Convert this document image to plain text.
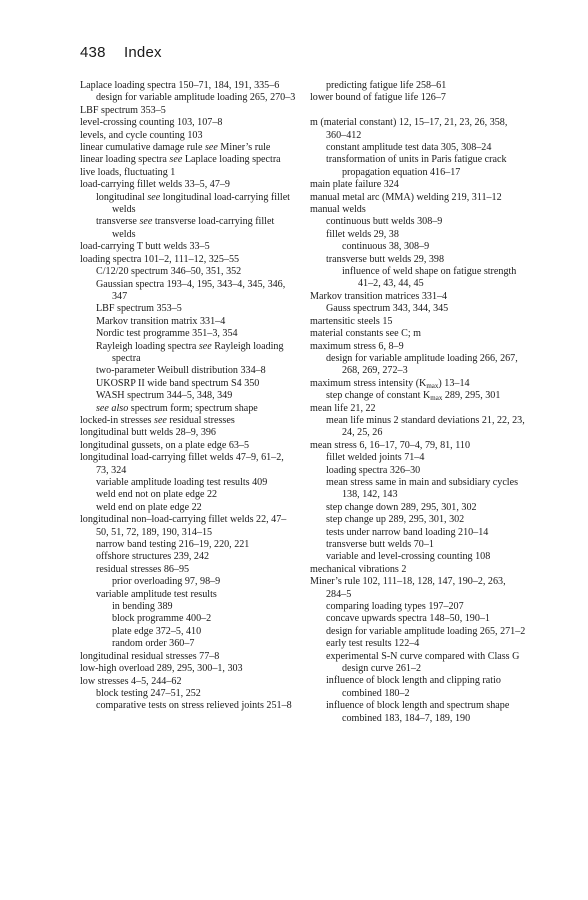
438 Index

Laplace loading spectra 150–71, 184, 191, 335–6

design for variable amplitude loading 265, 270–3

LBF spectrum 353–5

level-crossing counting 103, 107–8

levels, and cycle counting 103

linear cumulative damage rule see Miner’s rule

linear loading spectra see Laplace loading spectra

live loads, fluctuating 1

load-carrying fillet welds 33–5, 47–9

longitudinal see longitudinal load-carrying fillet welds

transverse see transverse load-carrying fillet welds

load-carrying T butt welds 33–5

loading spectra 101–2, 111–12, 325–55

C/12/20 spectrum 346–50, 351, 352

Gaussian spectra 193–4, 195, 343–4, 345, 346, 347

LBF spectrum 353–5

Markov transition matrix 331–4

Nordic test programme 351–3, 354

Rayleigh loading spectra see Rayleigh loading spectra

two-parameter Weibull distribution 334–8

UKOSRP II wide band spectrum S4 350

WASH spectrum 344–5, 348, 349

see also spectrum form; spectrum shape

locked-in stresses see residual stresses

longitudinal butt welds 28–9, 396

longitudinal gussets, on a plate edge 63–5

longitudinal load-carrying fillet welds 47–9, 61–2, 73, 324

variable amplitude loading test results 409

weld end not on plate edge 22

weld end on plate edge 22

longitudinal non–load-carrying fillet welds 22, 47–50, 51, 72, 189, 190, 314–15

narrow band testing 216–19, 220, 221

offshore structures 239, 242

residual stresses 86–95

prior overloading 97, 98–9

variable amplitude test results

in bending 389

block programme 400–2

plate edge 372–5, 410

random order 360–7

longitudinal residual stresses 77–8

low-high overload 289, 295, 300–1, 303

low stresses 4–5, 244–62

block testing 247–51, 252

comparative tests on stress relieved joints 251–8

predicting fatigue life 258–61

lower bound of fatigue life 126–7

m (material constant) 12, 15–17, 21, 23, 26, 358, 360–412

constant amplitude test data 305, 308–24

transformation of units in Paris fatigue crack propagation equation 416–17

main plate failure 324

manual metal arc (MMA) welding 219, 311–12

manual welds

continuous butt welds 308–9

fillet welds 29, 38

continuous 38, 308–9

transverse butt welds 29, 398

influence of weld shape on fatigue strength 41–2, 43, 44, 45

Markov transition matrices 331–4

Gauss spectrum 343, 344, 345

martensitic steels 15

material constants see C; m

maximum stress 6, 8–9

design for variable amplitude loading 266, 267, 268, 269, 272–3

maximum stress intensity $(K_{max})$ 13–14

step change of constant $K_{max}$ 289, 295, 301

mean life 21, 22

mean life minus 2 standard deviations 21, 22, 23, 24, 25, 26

mean stress 6, 16–17, 70–4, 79, 81, 110

fillet welded joints 71–4

loading spectra 326–30

mean stress same in main and subsidiary cycles 138, 142, 143

step change down 289, 295, 301, 302

step change up 289, 295, 301, 302

tests under narrow band loading 210–14

transverse butt welds 70–1

variable and level-crossing counting 108

mechanical vibrations 2

Miner’s rule 102, 111–18, 128, 147, 190–2, 263, 284–5

comparing loading types 197–207

concave upwards spectra 148–50, 190–1

design for variable amplitude loading 265, 271–2

early test results 122–4

experimental S-N curve compared with Class G design curve 261–2

influence of block length and clipping ratio combined 180–2

influence of block length and spectrum shape combined 183, 184–7, 189, 190
